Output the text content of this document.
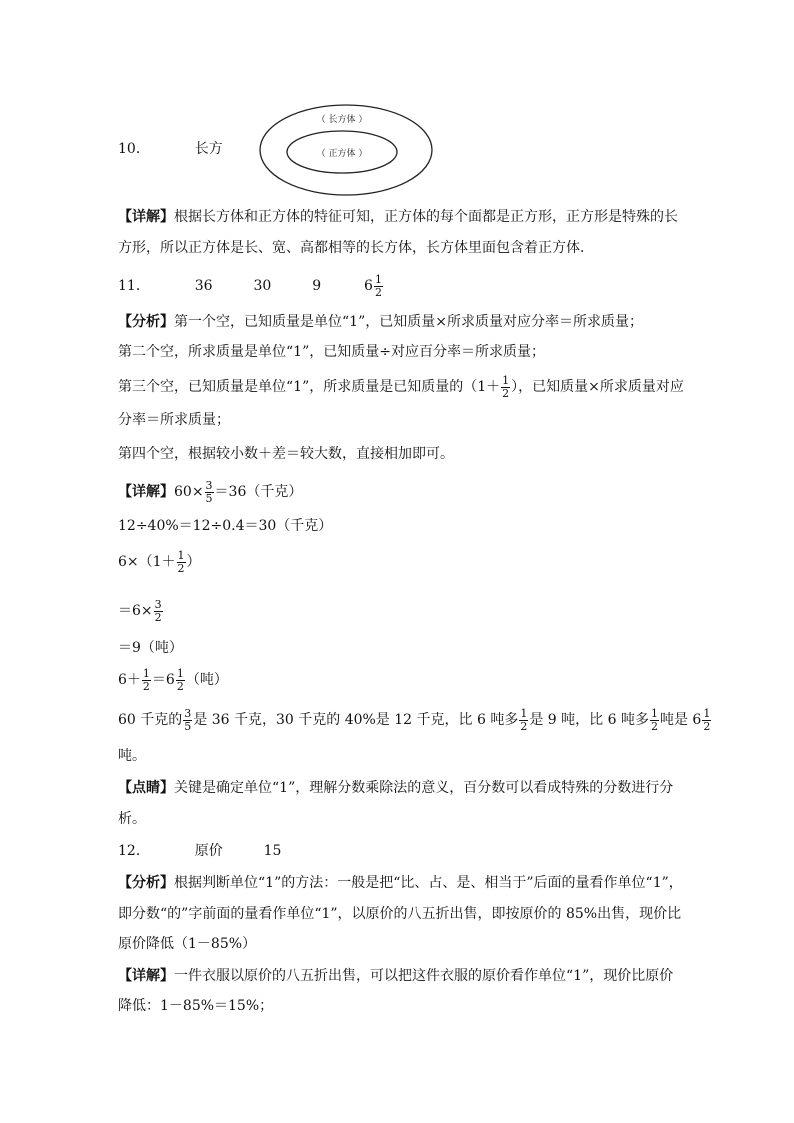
10．	长方
（ 长方体 ）
（ 正方体 ）
【详解】根据长方体和正方体的特征可知，正方体的每个面都是正方形，正方形是特殊的长
方形，所以正方体是长、宽、高都相等的长方体，长方体里面包含着正方体．
11．	36	30	9	$6 \frac{1}{2}$
【分析】第一个空，已知质量是单位“1”，已知质量×所求质量对应分率＝所求质量；
第二个空，所求质量是单位“1”，已知质量÷对应百分率＝所求质量；
第三个空，已知质量是单位“1”，所求质量是已知质量的（$1+ \frac{1}{2}$ ），已知质量×所求质量对应
分率＝所求质量；
第四个空，根据较小数＋差＝较大数，直接相加即可。
【详解】$60\times \frac{3}{5} =36$（千克）
12÷40%＝12÷0.4＝30（千克）
$6\times(1+ \frac{1}{2}$ ）
$=6\times \frac{3}{2}$
＝9（吨）
$6+ \frac{1}{2} =6 \frac{1}{2}$ （吨）
60 千克的 $\frac{3}{5}$ 是 36 千克，30 千克的 40%是 12 千克，比 6 吨多 $\frac{1}{2}$ 是 9 吨，比 6 吨多 $\frac{1}{2}$ 吨是 $6 \frac{1}{2}$
吨。
【点睛】关键是确定单位“1”，理解分数乘除法的意义，百分数可以看成特殊的分数进行分
析。
12．	原价	15
【分析】根据判断单位“1”的方法：一般是把“比、占、是、相当于”后面的量看作单位“1”，
即分数“的”字前面的量看作单位“1”，以原价的八五折出售，即按原价的 85%出售，现价比
原价降低（1－85%）
【详解】一件衣服以原价的八五折出售，可以把这件衣服的原价看作单位“1”，现价比原价
降低：1－85%＝15%；
